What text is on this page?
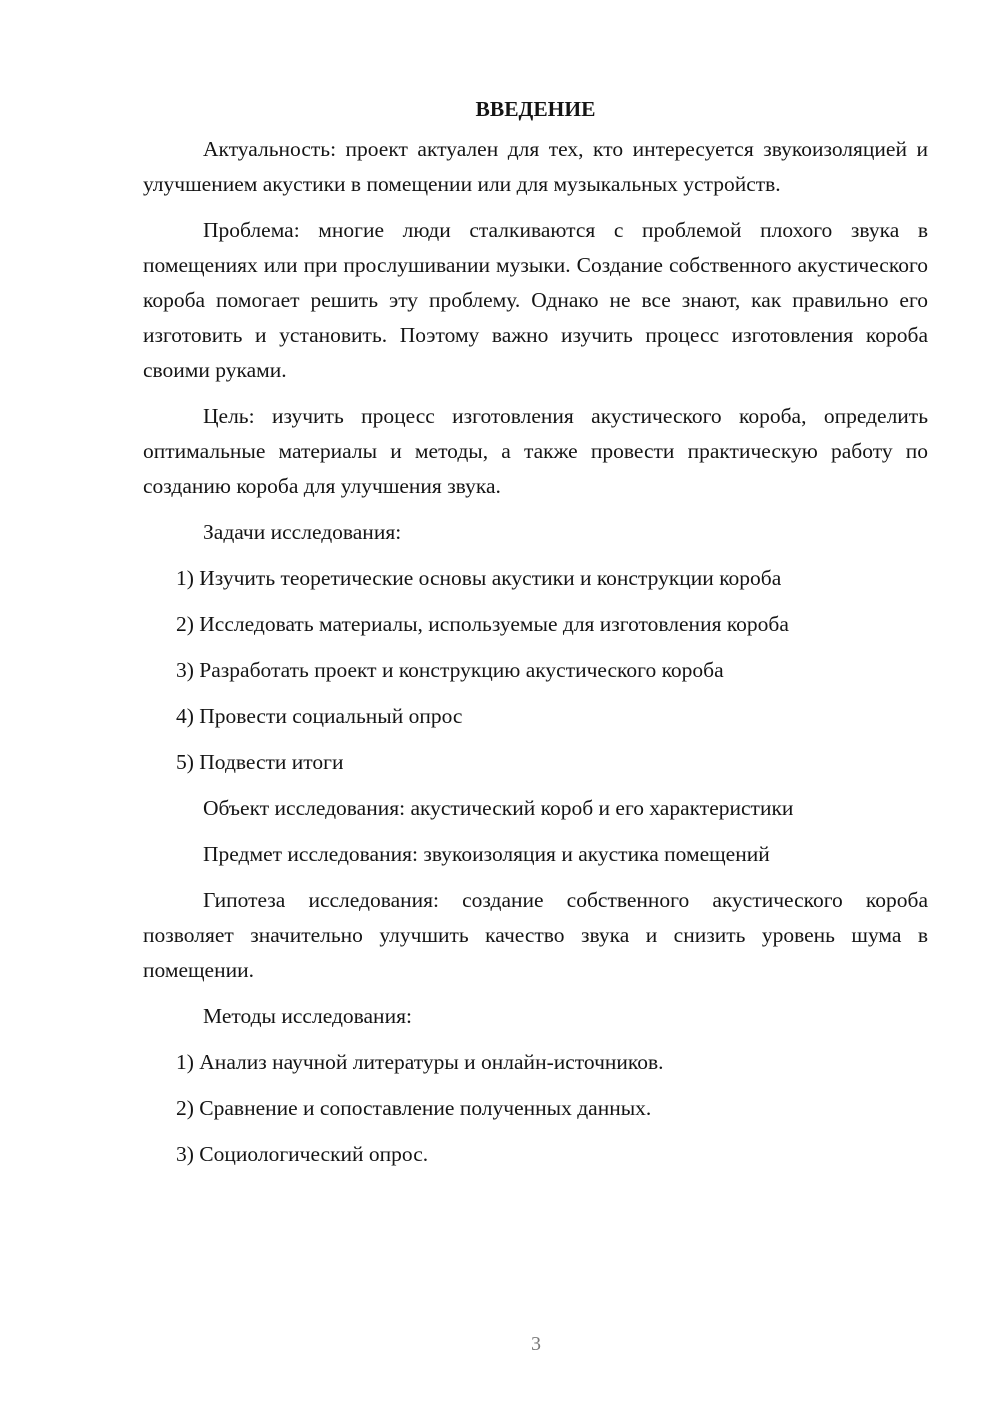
ВВЕДЕНИЕ
Актуальность: проект актуален для тех, кто интересуется звукоизоляцией и улучшением акустики в помещении или для музыкальных устройств.
Проблема: многие люди сталкиваются с проблемой плохого звука в помещениях или при прослушивании музыки. Создание собственного акустического короба помогает решить эту проблему. Однако не все знают, как правильно его изготовить и установить. Поэтому важно изучить процесс изготовления короба своими руками.
Цель: изучить процесс изготовления акустического короба, определить оптимальные материалы и методы, а также провести практическую работу по созданию короба для улучшения звука.
Задачи исследования:
1) Изучить теоретические основы акустики и конструкции короба
2) Исследовать материалы, используемые для изготовления короба
3) Разработать проект и конструкцию акустического короба
4) Провести социальный опрос
5) Подвести итоги
Объект исследования: акустический короб и его характеристики
Предмет исследования: звукоизоляция и акустика помещений
Гипотеза исследования: создание собственного акустического короба позволяет значительно улучшить качество звука и снизить уровень шума в помещении.
Методы исследования:
1) Анализ научной литературы и онлайн-источников.
2) Сравнение и сопоставление полученных данных.
3) Социологический опрос.
3
